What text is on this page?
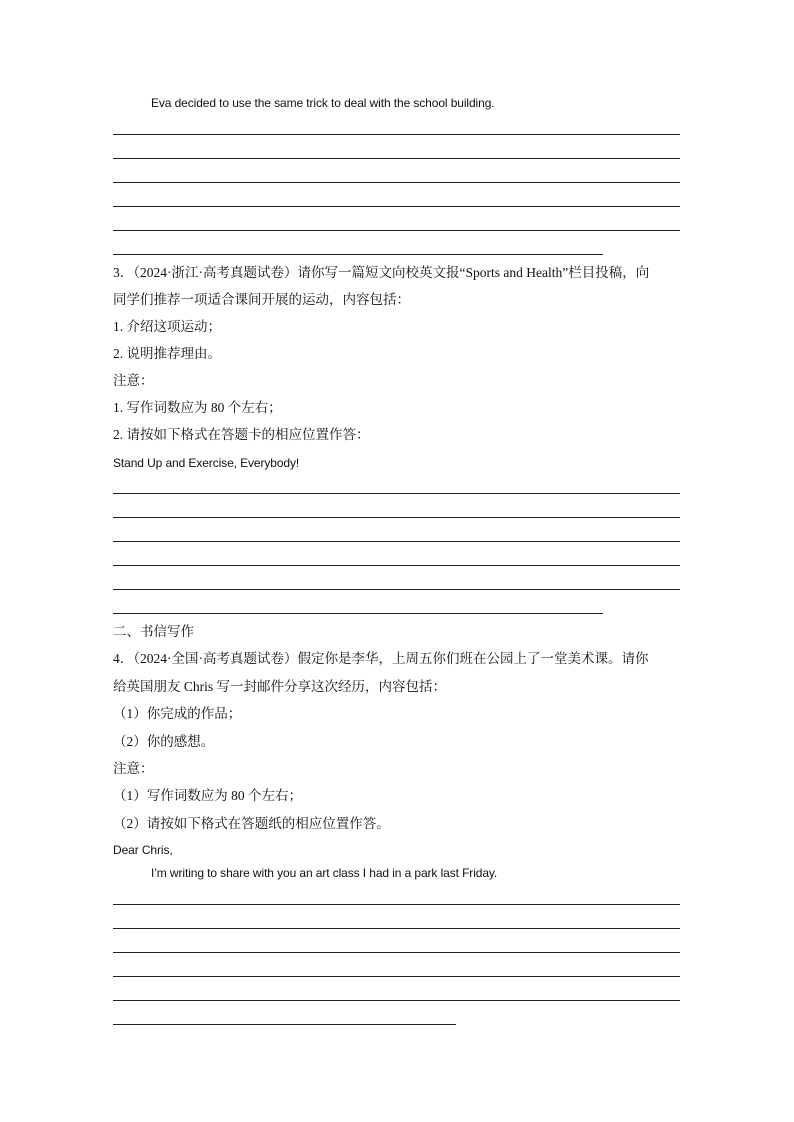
Eva decided to use the same trick to deal with the school building.
3．（2024·浙江·高考真题试卷）请你写一篇短文向校英文报“Sports and Health”栏目投稿，向
同学们推荐一项适合课间开展的运动，内容包括：
1. 介绍这项运动；
2. 说明推荐理由。
注意：
1. 写作词数应为 80 个左右；
2. 请按如下格式在答题卡的相应位置作答：
Stand Up and Exercise, Everybody!
二、书信写作
4．（2024·全国·高考真题试卷）假定你是李华，上周五你们班在公园上了一堂美术课。请你
给英国朋友 Chris 写一封邮件分享这次经历，内容包括：
（1）你完成的作品；
（2）你的感想。
注意：
（1）写作词数应为 80 个左右；
（2）请按如下格式在答题纸的相应位置作答。
Dear Chris,
I’m writing to share with you an art class I had in a park last Friday.
